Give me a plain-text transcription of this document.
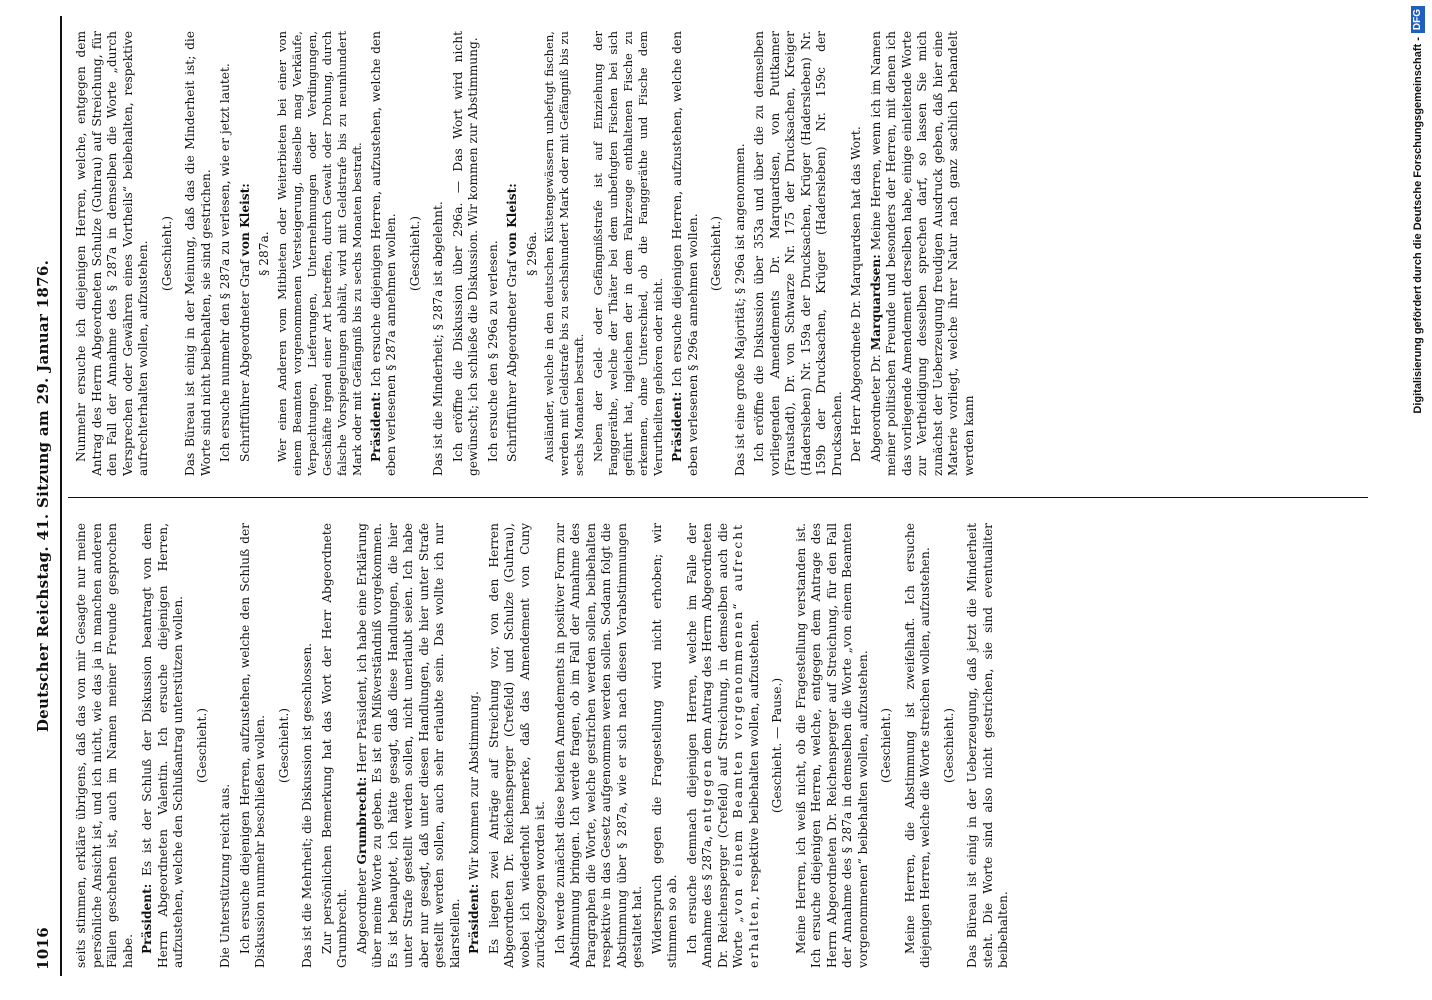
1016
Deutscher Reichstag. 41. Sitzung am 29. Januar 1876.

seits stimmen, erkläre übrigens, daß das von mir Gesagte nur meine persönliche Ansicht ist, und ich nicht, wie das ja in manchen anderen Fällen geschehen ist, auch im Namen meiner Freunde gesprochen habe. Präsident: Es ist der Schluß der Diskussion beantragt von dem Herrn Abgeordneten Valentin. Ich ersuche diejenigen Herren, aufzustehen, welche den Schlußantrag unterstützen wollen. (Geschieht.)

Die Unterstützung reicht aus. Ich ersuche diejenigen Herren, aufzustehen, welche den Schluß der Diskussion nunmehr beschließen wollen. (Geschieht.) Das ist die Mehrheit; die Diskussion ist geschlossen. Zur persönlichen Bemerkung hat das Wort der Herr Abgeordnete Grumbrecht. Abgeordneter Grumbrecht: Herr Präsident, ich habe eine Erklärung über meine Worte zu geben. Es ist ein Mißverständniß vorgekommen. Es ist behauptet, ich hätte gesagt, daß diese Handlungen, die hier unter Strafe gestellt werden sollen, nicht unerlaubt seien. Ich habe aber nur gesagt, daß unter diesen Handlungen, die hier unter Strafe gestellt werden sollen, auch sehr erlaubte sein. Das wollte ich nur klarstellen. Präsident: Wir kommen zur Abstimmung. Es liegen zwei Anträge auf Streichung vor, von den Herren Abgeordneten Dr. Reichensperger (Crefeld) und Schulze (Guhrau), wobei ich wiederholt bemerke, daß das Amendement von Cuny zurückgezogen worden ist. Ich werde zunächst diese beiden Amendements in positiver Form zur Abstimmung bringen. Ich werde fragen, ob im Fall der Annahme des Paragraphen die Worte, welche gestrichen werden sollen, beibehalten respektive in das Gesetz aufgenommen werden sollen. Sodann folgt die Abstimmung über § 287a, wie er sich nach diesen Vorabstimmungen gestaltet hat. Widerspruch gegen die Fragestellung wird nicht erhoben; wir stimmen so ab. Ich ersuche demnach diejenigen Herren, welche im Falle der Annahme des § 287a, entgegen dem Antrag des Herrn Abgeordneten Dr. Reichensperger (Crefeld) auf Streichung, in demselben auch die Worte „von einem Beamten vorgenommenen“ aufrecht erhalten, respektive beibehalten wollen, aufzustehen. (Geschieht. — Pause.) Meine Herren, ich weiß nicht, ob die Fragestellung verstanden ist. Ich ersuche diejenigen Herren, welche, entgegen dem Antrage des Herrn Abgeordneten Dr. Reichensperger auf Streichung, für den Fall der Annahme des § 287a in demselben die Worte „von einem Beamten vorgenommenen“ beibehalten wollen, aufzustehen. (Geschieht.) Meine Herren, die Abstimmung ist zweifelhaft. Ich ersuche diejenigen Herren, welche die Worte streichen wollen, aufzustehen. (Geschieht.) Das Büreau ist einig in der Ueberzeugung, daß jetzt die Minderheit steht. Die Worte sind also nicht gestrichen, sie sind eventualiter beibehalten.

Nunmehr ersuche ich diejenigen Herren, welche, entgegen dem Antrag des Herrn Abgeordneten Schulze (Guhrau) auf Streichung, für den Fall der Annahme des § 287a in demselben die Worte „durch Versprechen oder Gewähren eines Vortheils“ beibehalten, respektive aufrechterhalten wollen, aufzustehen. (Geschieht.) Das Büreau ist einig in der Meinung, daß das die Minderheit ist; die Worte sind nicht beibehalten, sie sind gestrichen. Ich ersuche nunmehr den § 287a zu verlesen, wie er jetzt lautet. Schriftführer Abgeordneter Graf von Kleist: § 287a. Wer einen Anderen vom Mitbieten oder Weiterbieten bei einer von einem Beamten vorgenommenen Versteigerung, dieselbe mag Verkäufe, Verpachtungen, Lieferungen, Unternehmungen oder Verdingungen, Geschäfte irgend einer Art betreffen, durch Gewalt oder Drohung, durch falsche Vorspiegelungen abhält, wird mit Geldstrafe bis zu neunhundert Mark oder mit Gefängniß bis zu sechs Monaten bestraft. Präsident: Ich ersuche diejenigen Herren, aufzustehen, welche den eben verlesenen § 287a annehmen wollen. (Geschieht.) Das ist die Minderheit; § 287a ist abgelehnt. Ich eröffne die Diskussion über 296a. — Das Wort wird nicht gewünscht; ich schließe die Diskussion. Wir kommen zur Abstimmung. Ich ersuche den § 296a zu verlesen. Schriftführer Abgeordneter Graf von Kleist: § 296a. Ausländer, welche in den deutschen Küstengewässern unbefugt fischen, werden mit Geldstrafe bis zu sechshundert Mark oder mit Gefängniß bis zu sechs Monaten bestraft. Neben der Geld- oder Gefängnißstrafe ist auf Einziehung der Fanggeräthe, welche der Thäter bei dem unbefugten Fischen bei sich geführt hat, ingleichen der in dem Fahrzeuge enthaltenen Fische zu erkennen, ohne Unterschied, ob die Fanggeräthe und Fische dem Verurtheilten gehören oder nicht. Präsident: Ich ersuche diejenigen Herren, aufzustehen, welche den eben verlesenen § 296a annehmen wollen. (Geschieht.) Das ist eine große Majorität; § 296a ist angenommen. Ich eröffne die Diskussion über 353a und über die zu demselben vorliegenden Amendements Dr. Marquardsen, von Puttkamer (Fraustadt), Dr. von Schwarze Nr. 175 der Drucksachen, Kreiger (Hadersleben) Nr. 159a der Drucksachen, Krüger (Hadersleben) Nr. 159b der Drucksachen, Krüger (Hadersleben) Nr. 159c der Drucksachen. Der Herr Abgeordnete Dr. Marquardsen hat das Wort. Abgeordneter Dr. Marquardsen: Meine Herren, wenn ich im Namen meiner politischen Freunde und besonders der Herren, mit denen ich das vorliegende Amendement derselben habe, einige einleitende Worte zur Vertheidigung desselben sprechen darf, so lassen Sie mich zunächst der Ueberzeugung freudigen Ausdruck geben, daß hier eine Materie vorliegt, welche ihrer Natur nach ganz sachlich behandelt werden kann

Digitalisierung gefördert durch die Deutsche Forschungsgemeinschaft -DFG
